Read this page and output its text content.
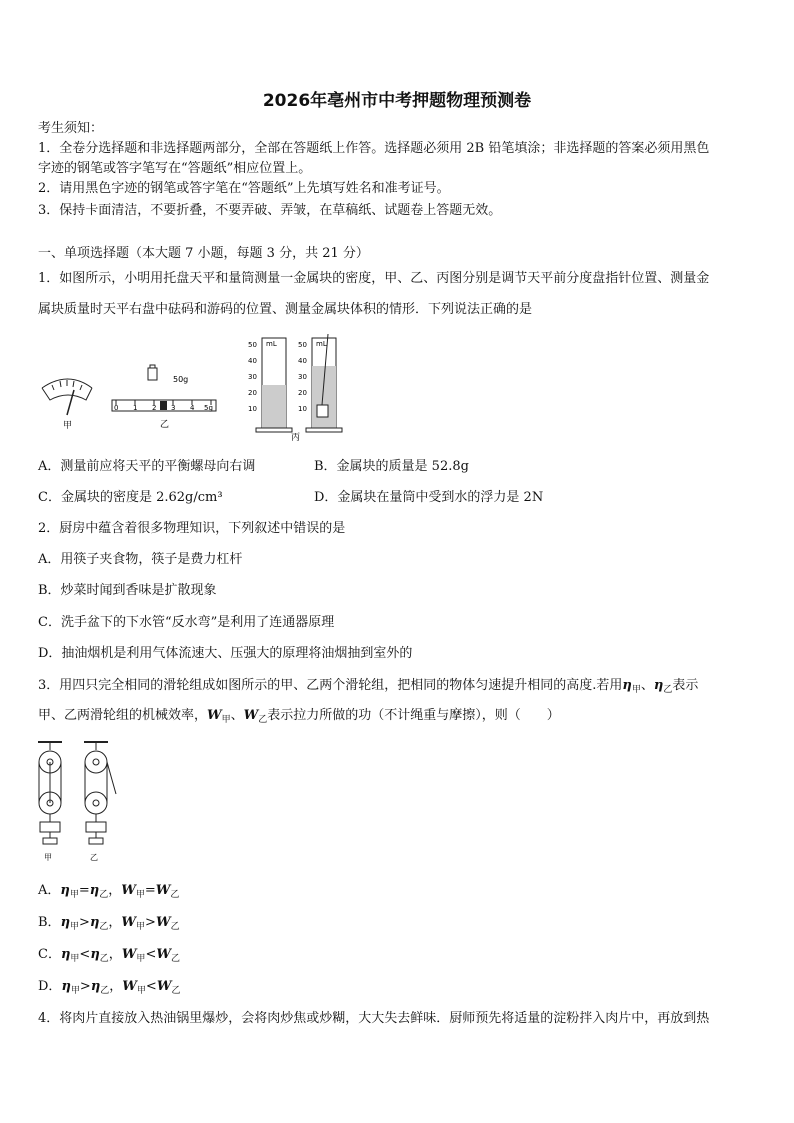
2026年亳州市中考押题物理预测卷
考生须知：
1．全卷分选择题和非选择题两部分，全部在答题纸上作答。选择题必须用 2B 铅笔填涂；非选择题的答案必须用黑色
字迹的钢笔或答字笔写在“答题纸”相应位置上。
2．请用黑色字迹的钢笔或答字笔在“答题纸”上先填写姓名和准考证号。
3．保持卡面清洁，不要折叠，不要弄破、弄皱，在草稿纸、试题卷上答题无效。
一、单项选择题（本大题 7 小题，每题 3 分，共 21 分）
1．如图所示，小明用托盘天平和量筒测量一金属块的密度，甲、乙、丙图分别是调节天平前分度盘指针位置、测量金
属块质量时天平右盘中砝码和游码的位置、测量金属块体积的情形．下列说法正确的是
甲
50g
0 1 2 3 4 5g
乙
mL
50
40
30
20
10
mL
50
40
30
20
10
丙
A．测量前应将天平的平衡螺母向右调	B．金属块的质量是 52.8g
C．金属块的密度是 2.62g/cm³	D．金属块在量筒中受到水的浮力是 2N
2．厨房中蕴含着很多物理知识，下列叙述中错误的是
A．用筷子夹食物，筷子是费力杠杆
B．炒菜时闻到香味是扩散现象
C．洗手盆下的下水管“反水弯”是利用了连通器原理
D．抽油烟机是利用气体流速大、压强大的原理将油烟抽到室外的
3．用四只完全相同的滑轮组成如图所示的甲、乙两个滑轮组，把相同的物体匀速提升相同的高度.若用$\eta_甲$、$\eta_乙$表示
甲、乙两滑轮组的机械效率，$W_甲$、$W_乙$表示拉力所做的功（不计绳重与摩擦），则（　　）
甲	乙
A．$\eta_甲=\eta_乙$，$W_甲=W_乙$
B．$\eta_甲>\eta_乙$，$W_甲>W_乙$
C．$\eta_甲<\eta_乙$，$W_甲<W_乙$
D．$\eta_甲>\eta_乙$，$W_甲<W_乙$
4．将肉片直接放入热油锅里爆炒，会将肉炒焦或炒糊，大大失去鲜味．厨师预先将适量的淀粉拌入肉片中，再放到热
